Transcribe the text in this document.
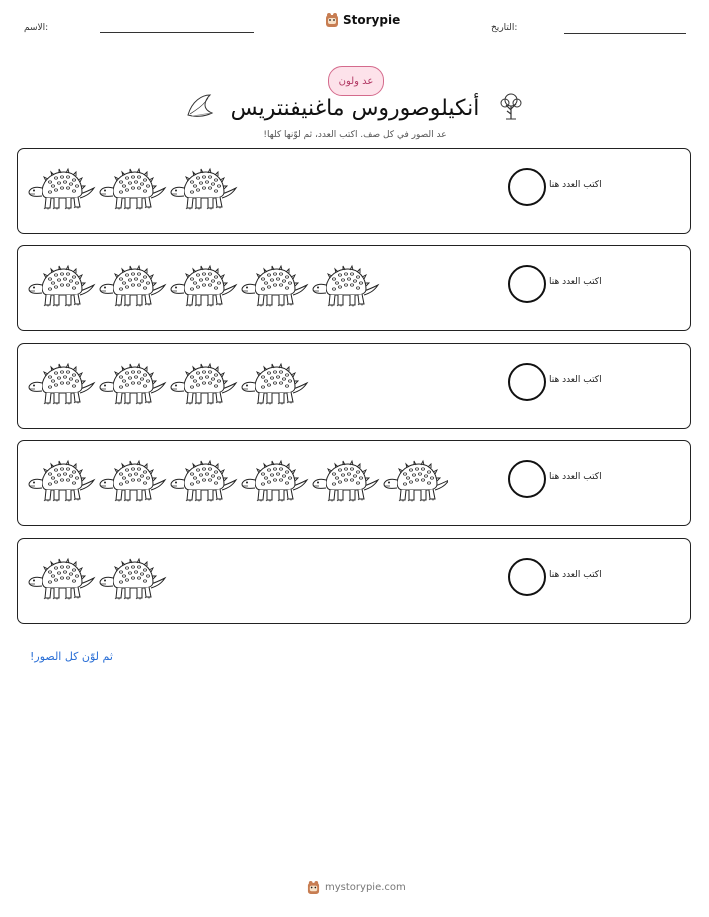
الاسم:
Storypie
التاريخ:
عد ولون
أنكيلوصوروس ماغنيفنتريس
عد الصور في كل صف. اكتب العدد، ثم لوّنها كلها!
اكتب العدد هنا
اكتب العدد هنا
اكتب العدد هنا
اكتب العدد هنا
اكتب العدد هنا
ثم لوّن كل الصور!
mystorypie.com
